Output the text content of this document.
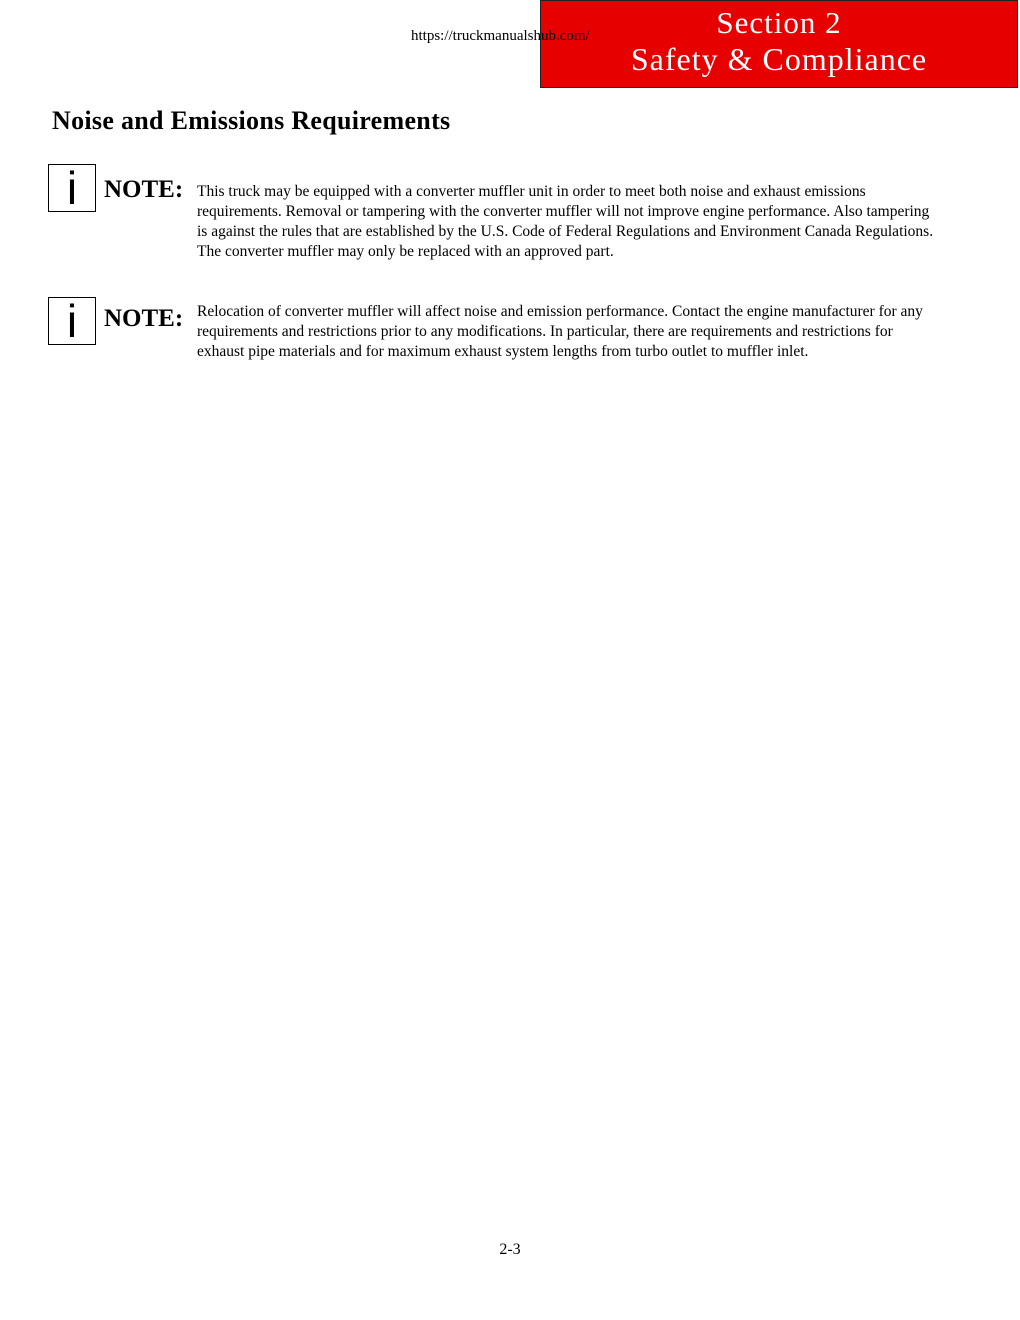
https://truckmanualshub.com/	Section 2
Safety & Compliance
Noise and Emissions Requirements
i	NOTE: This truck may be equipped with a converter muffler unit in order to meet both noise and exhaust emissions requirements. Removal or tampering with the converter muffler will not improve engine performance. Also tampering is against the rules that are established by the U.S. Code of Federal Regulations and Environment Canada Regulations. The converter muffler may only be replaced with an approved part.

i	NOTE: Relocation of converter muffler will affect noise and emission performance. Contact the engine manufacturer for any requirements and restrictions prior to any modifications. In particular, there are requirements and restrictions for exhaust pipe materials and for maximum exhaust system lengths from turbo outlet to muffler inlet.

2-3
